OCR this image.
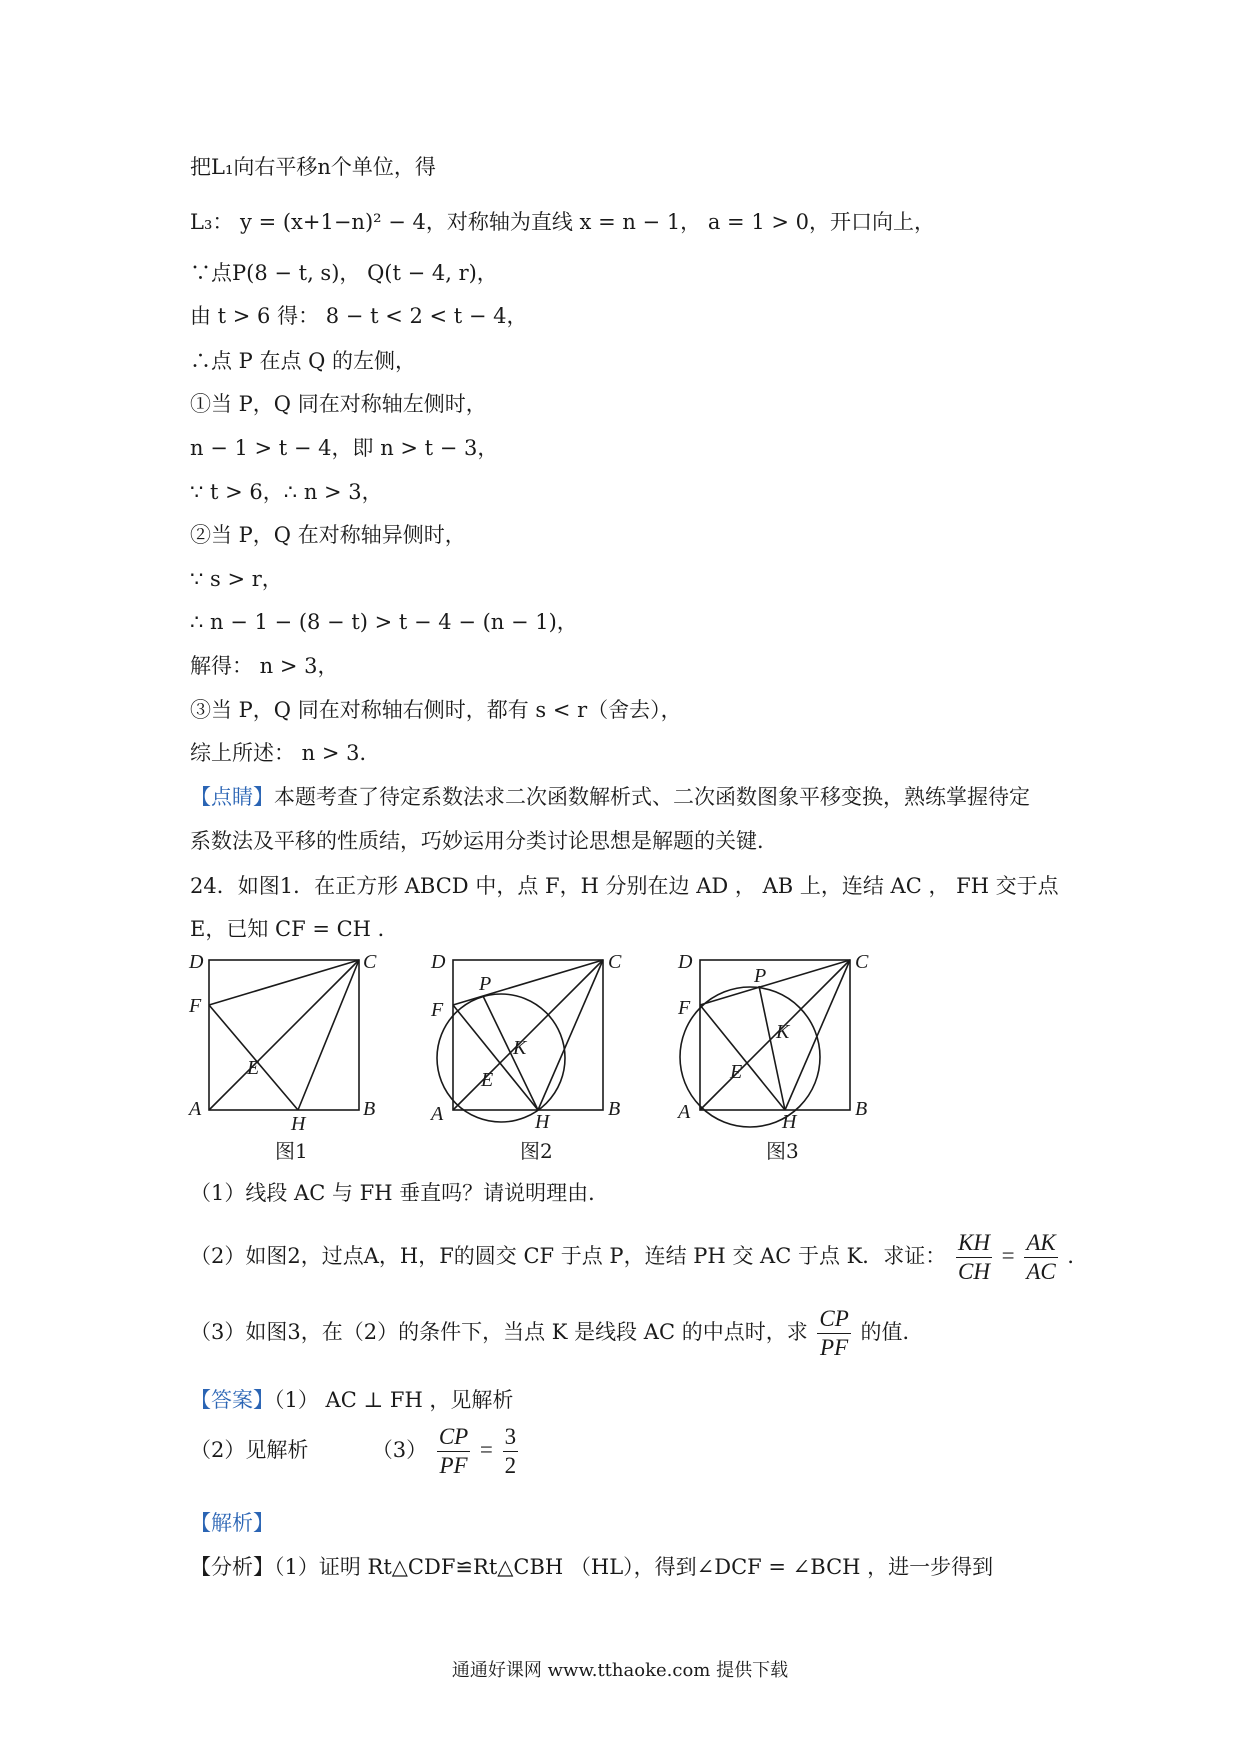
把L₁向右平移n个单位，得
L₃： y = (x+1−n)² − 4，对称轴为直线 x = n − 1， a = 1 > 0，开口向上，
∵点P(8 − t, s)， Q(t − 4, r)，
由 t > 6 得： 8 − t < 2 < t − 4，
∴点 P 在点 Q 的左侧，
①当 P，Q 同在对称轴左侧时，
n − 1 > t − 4，即 n > t − 3，
∵ t > 6，∴ n > 3，
②当 P，Q 在对称轴异侧时，
∵ s > r，
∴ n − 1 − (8 − t) > t − 4 − (n − 1)，
解得： n > 3，
③当 P，Q 同在对称轴右侧时，都有 s < r（舍去），
综上所述： n > 3．
【点睛】本题考查了待定系数法求二次函数解析式、二次函数图象平移变换，熟练掌握待定
系数法及平移的性质结，巧妙运用分类讨论思想是解题的关键．
24．如图1．在正方形 ABCD 中，点 F，H 分别在边 AD ， AB 上，连结 AC ， FH 交于点
E，已知 CF = CH ．
D	C
F
A	B
H
E
D	C
F
P
K
E
A	H
B
D	C
F
P
K
E
A	H
B
图1	图2	图3
（1）线段 AC 与 FH 垂直吗？请说明理由．
（2）如图2，过点A，H，F的圆交 CF 于点 P，连结 PH 交 AC 于点 K．求证： $\frac{KH}{CH} = \frac{AK}{AC}$ ．
（3）如图3，在（2）的条件下，当点 K 是线段 AC 的中点时，求 $\frac{CP}{PF}$ 的值．
【答案】（1） AC ⊥ FH ，见解析
（2）见解析	$(3) \frac{CP}{PF} = \frac{3}{2}$
【解析】
【分析】（1）证明 Rt△CDF≌Rt△CBH （HL），得到∠DCF = ∠BCH ，进一步得到
通通好课网 www.tthaoke.com 提供下载
